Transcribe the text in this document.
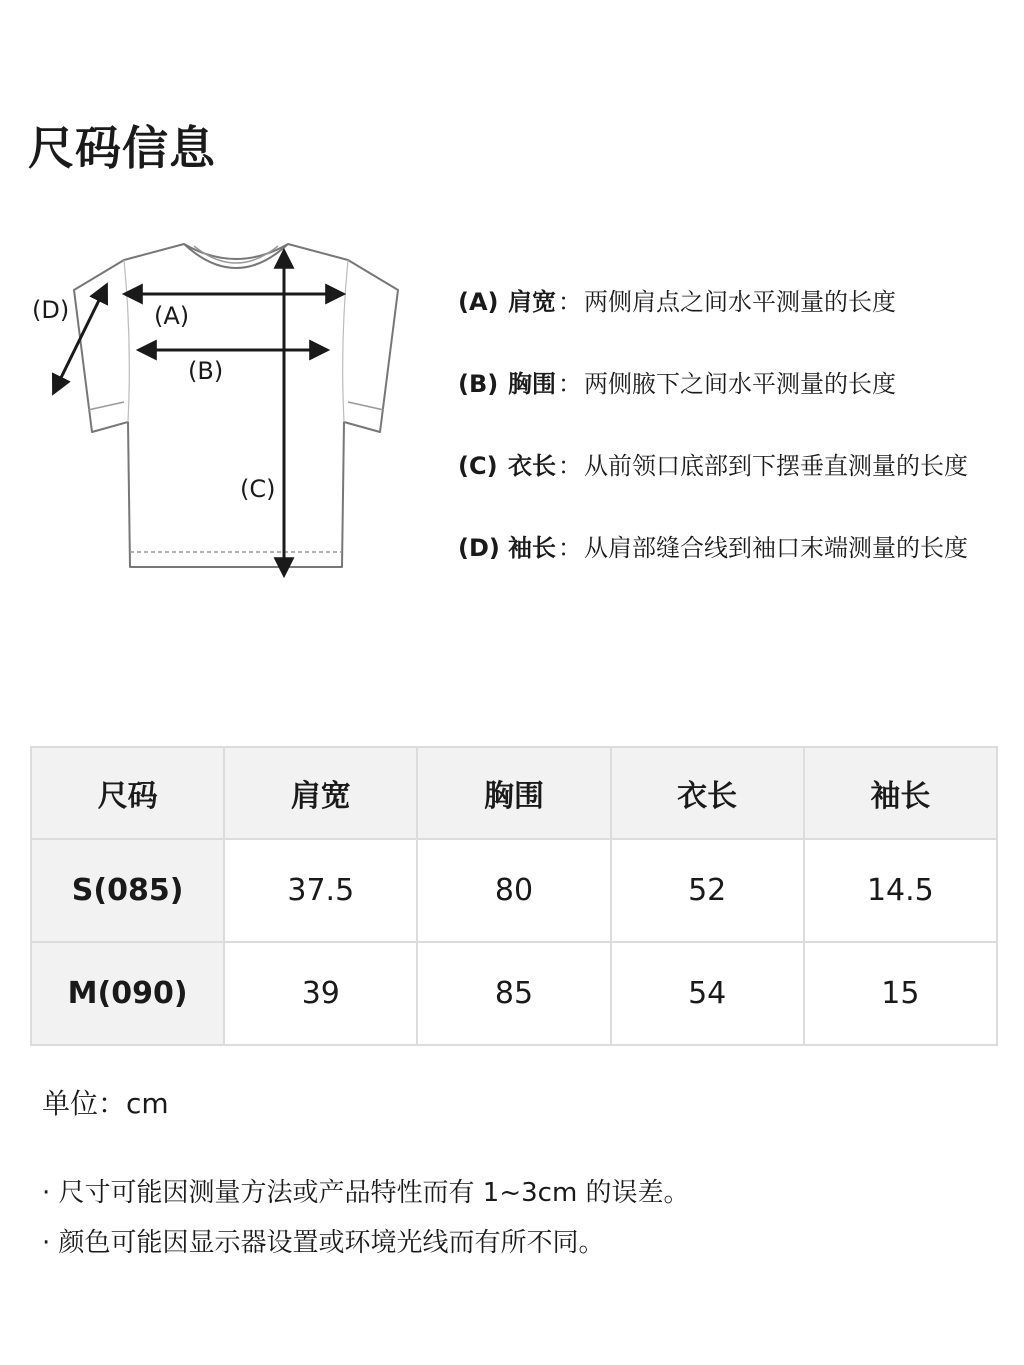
尺码信息
(A)
(B)
(C)
(D)	(A) 肩宽：两侧肩点之间水平测量的长度
(B) 胸围：两侧腋下之间水平测量的长度
(C) 衣长：从前领口底部到下摆垂直测量的长度
(D) 袖长：从肩部缝合线到袖口末端测量的长度
尺码	肩宽	胸围	衣长	袖长
S(085)	37.5	80	52	14.5
M(090)	39	85	54	15
单位：cm
· 尺寸可能因测量方法或产品特性而有 1~3cm 的误差。
· 颜色可能因显示器设置或环境光线而有所不同。
